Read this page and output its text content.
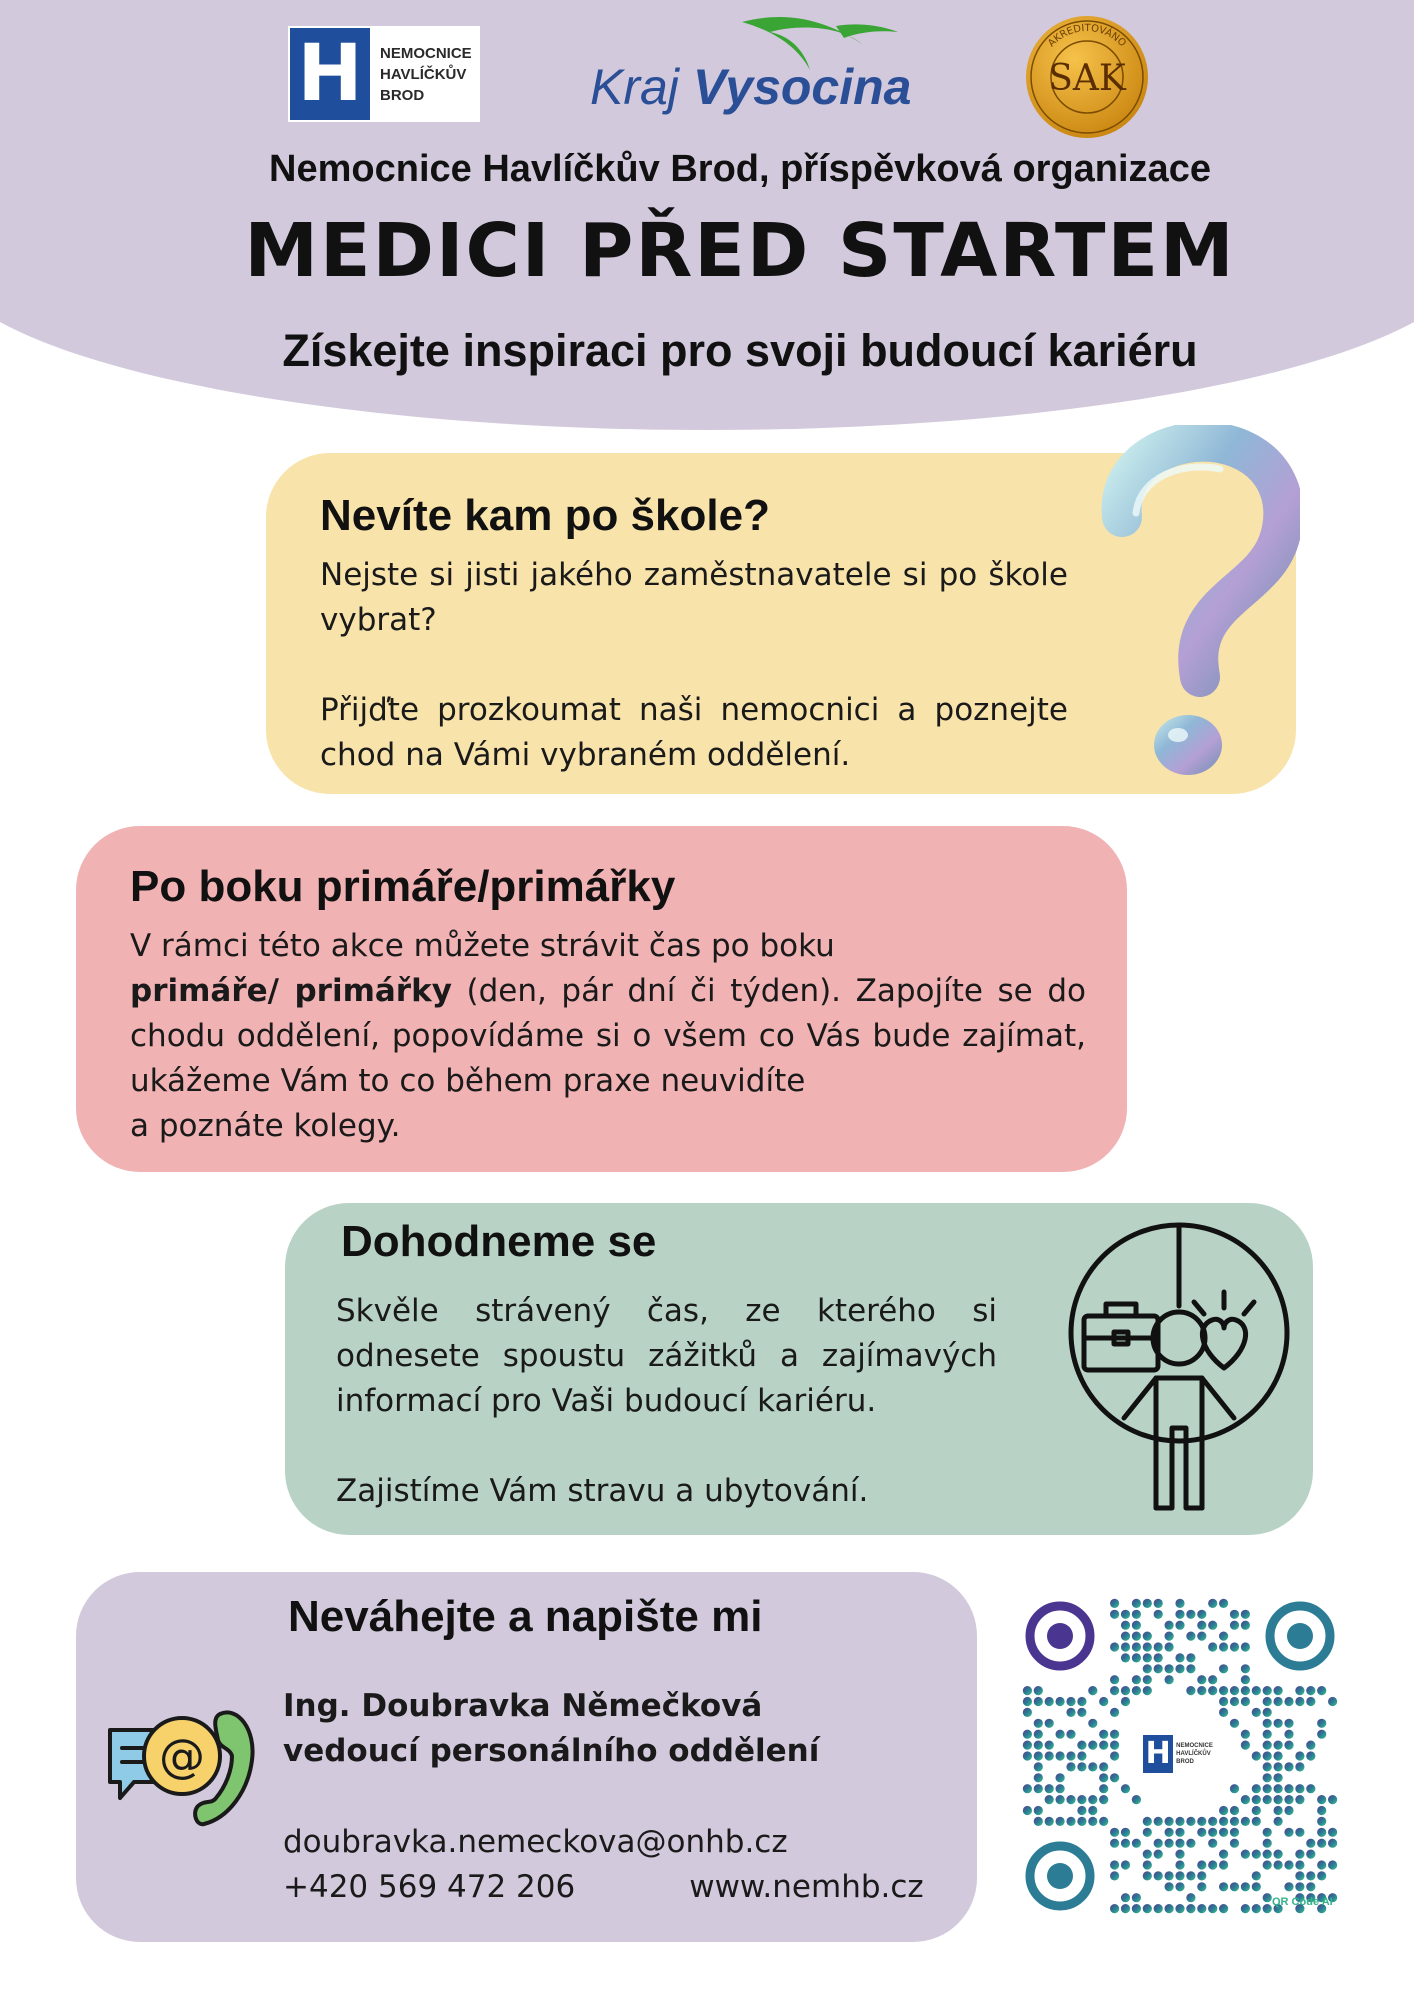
H NEMOCNICE
HAVLÍČKŮV
BROD	Kraj Vysocina
AKREDITOVÁNO
SAK
Nemocnice Havlíčkův Brod, příspěvková organizace
MEDICI PŘED STARTEM
Získejte inspiraci pro svoji budoucí kariéru
Nevíte kam po škole?

Nejste si jisti jakého zaměstnavatele si po škole vybrat?

Přijďte prozkoumat naši nemocnici a poznejte chod na Vámi vybraném oddělení.

Po boku primáře/primářky
V rámci této akce můžete strávit čas po boku
primáře/ primářky (den, pár dní či týden). Zapojíte se do chodu oddělení, popovídáme si o všem co Vás bude zajímat, ukážeme Vám to co během praxe neuvidíte
a poznáte kolegy.
Dohodneme se

Skvěle strávený čas, ze kterého si odnesete spoustu zážitků a zajímavých informací pro Vaši budoucí kariéru.

Zajistíme Vám stravu a ubytování.

Neváhejte a napište mi
Ing. Doubravka Němečková
vedoucí personálního oddělení
doubravka.nemeckova@onhb.cz
+420 569 472 206	www.nemhb.cz
@	H NEMOCNICE
HAVLÍČKŮV
BROD
QR Code AI
